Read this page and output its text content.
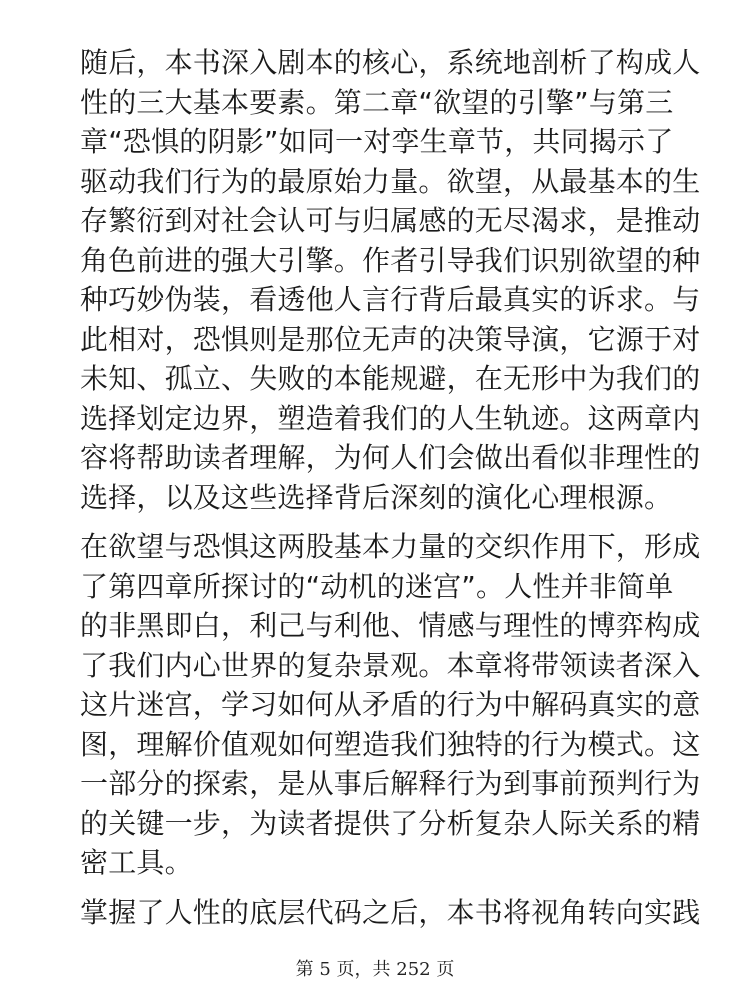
随后，本书深入剧本的核心，系统地剖析了构成人
性的三大基本要素。第二章“欲望的引擎”与第三
章“恐惧的阴影”如同一对孪生章节，共同揭示了
驱动我们行为的最原始力量。欲望，从最基本的生
存繁衍到对社会认可与归属感的无尽渴求，是推动
角色前进的强大引擎。作者引导我们识别欲望的种
种巧妙伪装，看透他人言行背后最真实的诉求。与
此相对，恐惧则是那位无声的决策导演，它源于对
未知、孤立、失败的本能规避，在无形中为我们的
选择划定边界，塑造着我们的人生轨迹。这两章内
容将帮助读者理解，为何人们会做出看似非理性的
选择，以及这些选择背后深刻的演化心理根源。
在欲望与恐惧这两股基本力量的交织作用下，形成
了第四章所探讨的“动机的迷宫”。人性并非简单
的非黑即白，利己与利他、情感与理性的博弈构成
了我们内心世界的复杂景观。本章将带领读者深入
这片迷宫，学习如何从矛盾的行为中解码真实的意
图，理解价值观如何塑造我们独特的行为模式。这
一部分的探索，是从事后解释行为到事前预判行为
的关键一步，为读者提供了分析复杂人际关系的精
密工具。
掌握了人性的底层代码之后，本书将视角转向实践
第 5 页，共 252 页
